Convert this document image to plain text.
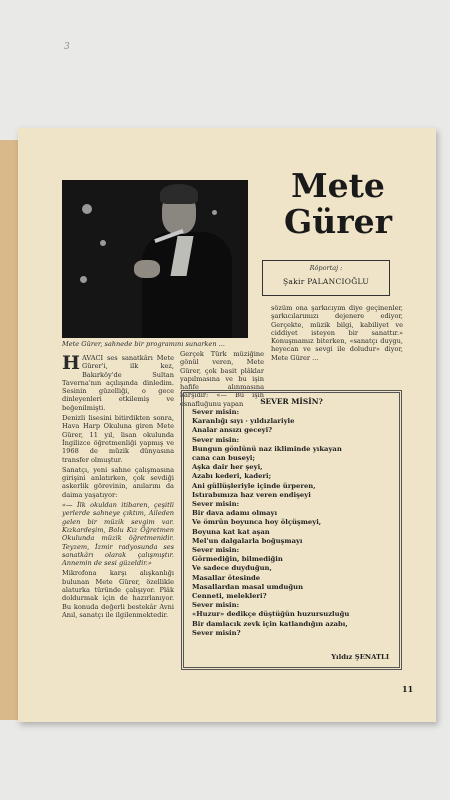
3
Mete Gürer, sahnede bir programını sunarken ...
Mete
Gürer
Röportaj :
Şakir PALANCIOĞLU
sözüm ona şarkıcıyım diye geçinenler, şarkıcılarımızı dejenere ediyor, Gerçekte, müzik bilgi, kabiliyet ve ciddiyet isteyen bir sanattır.» Konuşmamız biterken, «sanatçı duygu, heyecan ve sevgi ile doludur» diyor, Mete Gürer ...
Gerçek Türk müziğine gönül veren, Mete Gürer, çok basit plâklar yapılmasına ve bu işin hafife alınmasına karşıdır: «— Bu işin esnafluğunu yapan

HAVACI ses sanatkârı Mete Gürer'i, ilk kez, Bakırköy'de Sultan Taverna'nın açılışında dinledim. Sesinin güzelliği, o gece dinleyenleri etkilemiş ve beğenilmişti.

Denizli lisesini bitirdikten sonra, Hava Harp Okuluna giren Mete Gürer, 11 yıl, lisan okulunda İngilizce öğretmenliği yapmış ve 1968 de müzik dünyasına transfer olmuştur.

Sanatçı, yeni sahne çalışmasına girişini anlatırken, çok sevdiği askerlik görevinin, anılarını da daima yaşatıyor:

«— İlk okuldan itibaren, çeşitli yerlerde sahneye çıktım, Aileden gelen bir müzik sevgim var. Kızkardeşim, Bolu Kız Öğretmen Okulunda müzik öğretmenidir. Teyzem, İzmir radyosunda ses sanatkârı olarak çalışmıştır. Annemin de sesi güzeldir.»

Mikrofona karşı alışkanlığı bulunan Mete Gürer, özellikle alaturka türünde çalışıyor. Plâk doldurmak için de hazırlanıyor. Bu konuda değerli bestekâr Avni Anıl, sanatçı ile ilgilenmektedir.

SEVER MİSİN?
Sever misin:
Karanlığı sıyı · yıldızlariyle
Analar ansızı geceyi?
Sever misin:
Bungun gönlünü naz ikliminde yıkayan
cana can buseyi;
Aşka dair her şeyi,
Azabı kederi, kaderi;
Ani güllüşleriyle içinde ürperen,
Istırabımıza haz veren endişeyi
Sever misin:
Bir dava adamı olmayı
Ve ömrün boyunca hoy ölçüşmeyi,
Boyuna kat kat aşan
Mel'un dalgalarla boğuşmayı
Sever misin:
Görmediğin, bilmediğin
Ve sadece duyduğun,
Masallar ötesinde
Masallardan masal umduğun
Cenneti, melekleri?
Sever misin:
«Huzur» dedikçe düştüğün huzursuzluğu
Bir damlacık zevk için katlandığın azabı,
Sever misin?
Yıldız ŞENATLI
11
